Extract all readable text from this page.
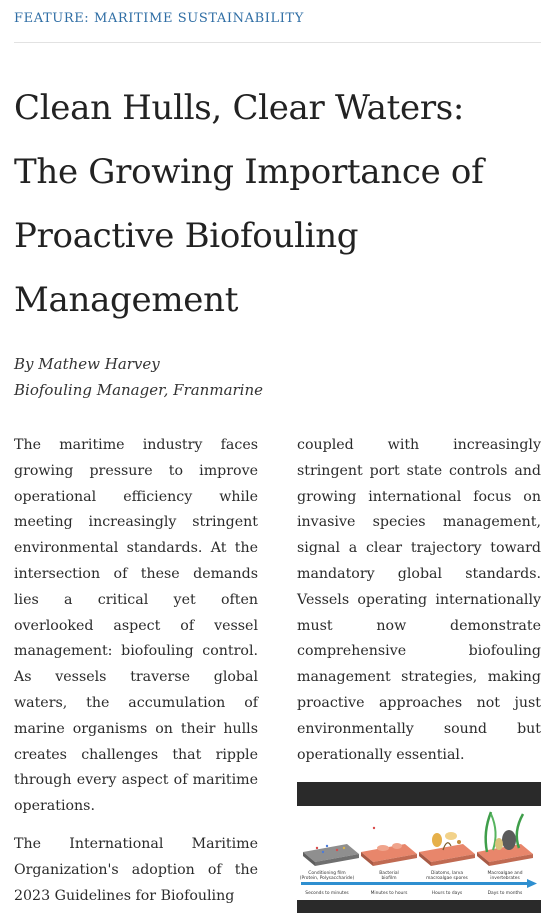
FEATURE: MARITIME SUSTAINABILITY
Clean Hulls, Clear Waters:
The Growing Importance of
Proactive Biofouling
Management
By Mathew Harvey
Biofouling Manager, Franmarine

The maritime industry faces growing pressure to improve operational efficiency while meeting increasingly stringent environmental standards. At the intersection of these demands lies a critical yet often overlooked aspect of vessel management: biofouling control. As vessels traverse global waters, the accumulation of marine organisms on their hulls creates challenges that ripple through every aspect of maritime operations.

The International Maritime Organization's adoption of the 2023 Guidelines for Biofouling

coupled with increasingly stringent port state controls and growing international focus on invasive species management, signal a clear trajectory toward mandatory global standards. Vessels operating internationally must now demonstrate comprehensive biofouling management strategies, making proactive approaches not just environmentally sound but operationally essential.

Conditioning film
(Protein, Polysaccharide)
Bacterial
biofilm
Diatoms, larva
macroalgae spores
Macroalgae and
invertebrates
Seconds to minutes	Minutes to hours	Hours to days	Days to months
